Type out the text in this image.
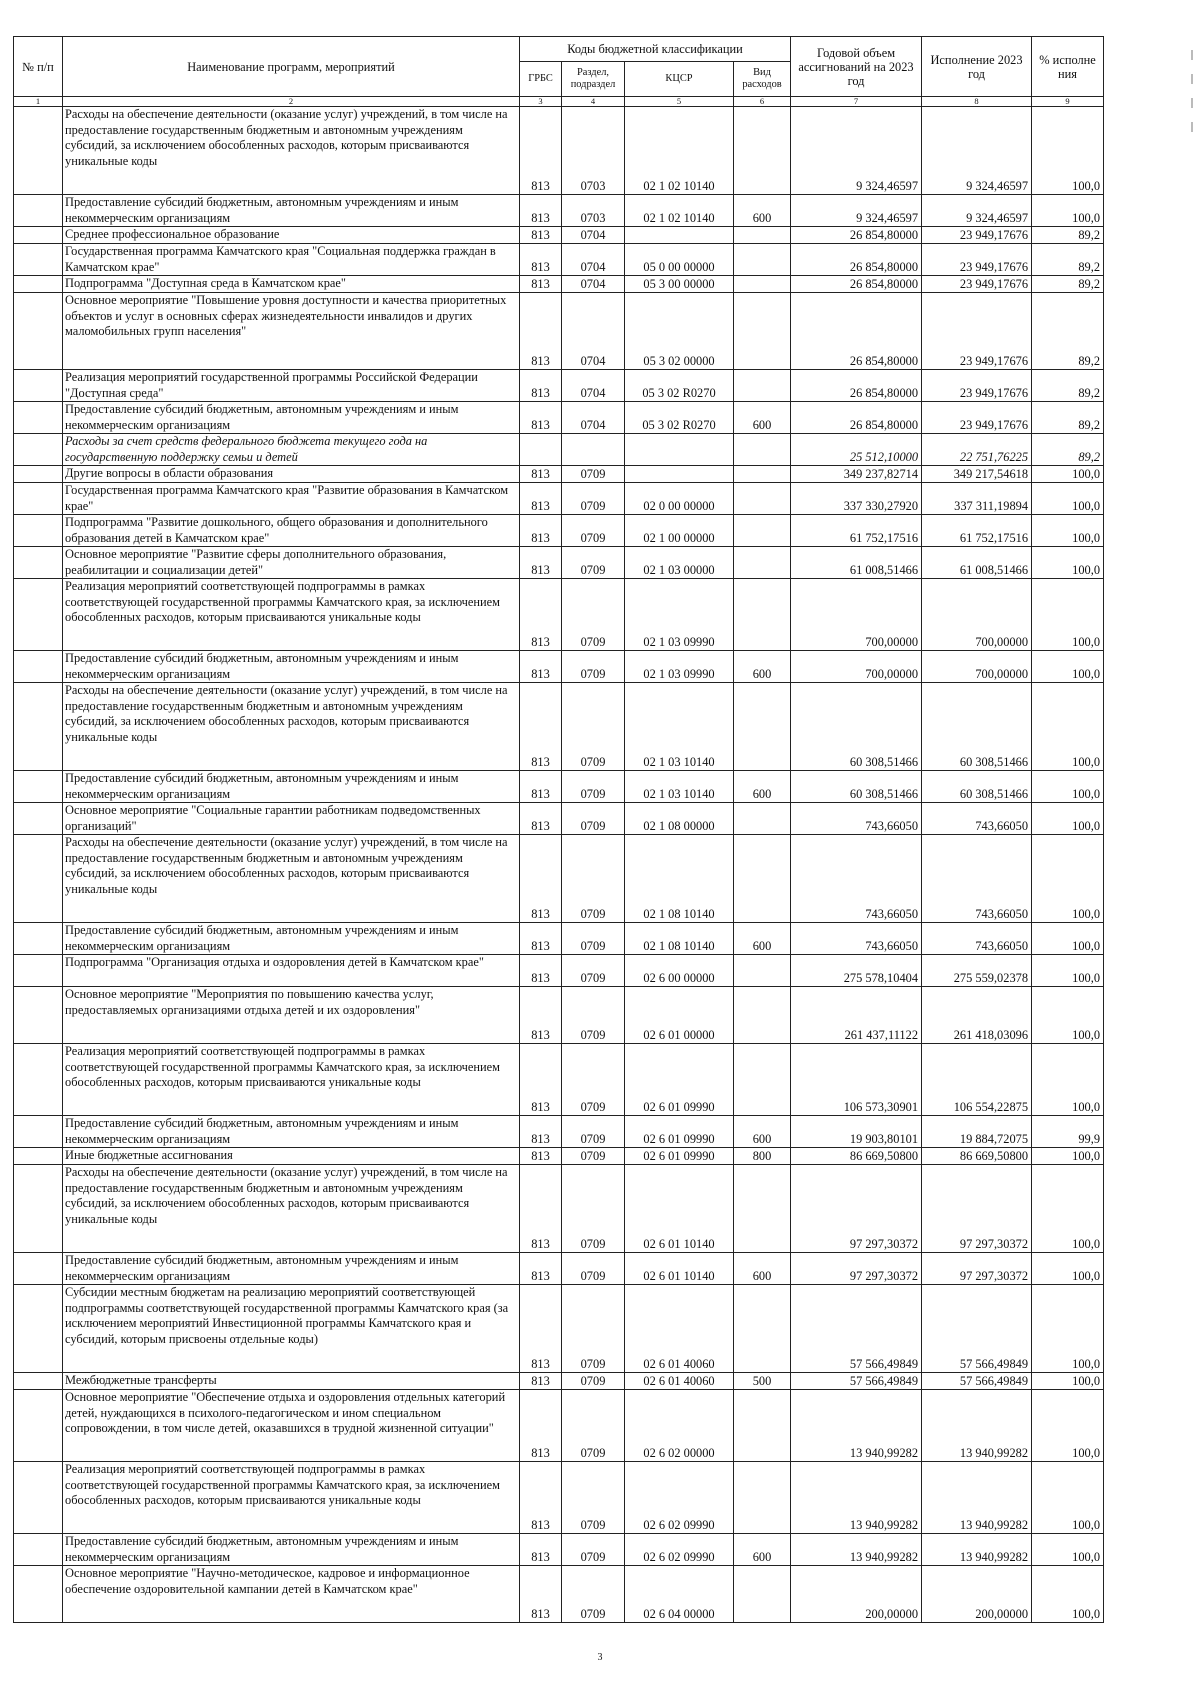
№ п/п	Наименование программ, мероприятий	Коды бюджетной классификации				Годовой объем ассигнований на 2023 год	Исполнение 2023 год	% исполне ния
		ГРБС	Раздел, подраздел	КЦСР	Вид расходов			
1	2	3	4	5	6	7	8	9
	Расходы на обеспечение деятельности (оказание услуг) учреждений, в том числе на предоставление государственным бюджетным и автономным учреждениям субсидий, за исключением обособленных расходов, которым присваиваются уникальные коды	813	0703	02 1 02 10140		9 324,46597	9 324,46597	100,0
	Предоставление субсидий бюджетным, автономным учреждениям и иным некоммерческим организациям	813	0703	02 1 02 10140	600	9 324,46597	9 324,46597	100,0
	Среднее профессиональное образование	813	0704			26 854,80000	23 949,17676	89,2
	Государственная программа Камчатского края "Социальная поддержка граждан в Камчатском крае"	813	0704	05 0 00 00000		26 854,80000	23 949,17676	89,2
	Подпрограмма "Доступная среда в Камчатском крае"	813	0704	05 3 00 00000		26 854,80000	23 949,17676	89,2
	Основное мероприятие "Повышение уровня доступности и качества приоритетных объектов и услуг в основных сферах жизнедеятельности инвалидов и других маломобильных групп населения"	813	0704	05 3 02 00000		26 854,80000	23 949,17676	89,2
	Реализация мероприятий государственной программы Российской Федерации "Доступная среда"	813	0704	05 3 02 R0270		26 854,80000	23 949,17676	89,2
	Предоставление субсидий бюджетным, автономным учреждениям и иным некоммерческим организациям	813	0704	05 3 02 R0270	600	26 854,80000	23 949,17676	89,2
	Расходы за счет средств федерального бюджета текущего года на государственную поддержку семьи и детей					25 512,10000	22 751,76225	89,2
	Другие вопросы в области образования	813	0709			349 237,82714	349 217,54618	100,0
	Государственная программа Камчатского края "Развитие образования в Камчатском крае"	813	0709	02 0 00 00000		337 330,27920	337 311,19894	100,0
	Подпрограмма "Развитие дошкольного, общего образования и дополнительного образования детей в Камчатском крае"	813	0709	02 1 00 00000		61 752,17516	61 752,17516	100,0
	Основное мероприятие "Развитие сферы дополнительного образования, реабилитации и социализации детей"	813	0709	02 1 03 00000		61 008,51466	61 008,51466	100,0
	Реализация мероприятий соответствующей подпрограммы в рамках соответствующей государственной программы Камчатского края, за исключением обособленных расходов, которым присваиваются уникальные коды	813	0709	02 1 03 09990		700,00000	700,00000	100,0
	Предоставление субсидий бюджетным, автономным учреждениям и иным некоммерческим организациям	813	0709	02 1 03 09990	600	700,00000	700,00000	100,0
	Расходы на обеспечение деятельности (оказание услуг) учреждений, в том числе на предоставление государственным бюджетным и автономным учреждениям субсидий, за исключением обособленных расходов, которым присваиваются уникальные коды	813	0709	02 1 03 10140		60 308,51466	60 308,51466	100,0
	Предоставление субсидий бюджетным, автономным учреждениям и иным некоммерческим организациям	813	0709	02 1 03 10140	600	60 308,51466	60 308,51466	100,0
	Основное мероприятие "Социальные гарантии работникам подведомственных организаций"	813	0709	02 1 08 00000		743,66050	743,66050	100,0
	Расходы на обеспечение деятельности (оказание услуг) учреждений, в том числе на предоставление государственным бюджетным и автономным учреждениям субсидий, за исключением обособленных расходов, которым присваиваются уникальные коды	813	0709	02 1 08 10140		743,66050	743,66050	100,0
	Предоставление субсидий бюджетным, автономным учреждениям и иным некоммерческим организациям	813	0709	02 1 08 10140	600	743,66050	743,66050	100,0
	Подпрограмма "Организация отдыха и оздоровления детей в Камчатском крае"	813	0709	02 6 00 00000		275 578,10404	275 559,02378	100,0
	Основное мероприятие "Мероприятия по повышению качества услуг, предоставляемых организациями отдыха детей и их оздоровления"	813	0709	02 6 01 00000		261 437,11122	261 418,03096	100,0
	Реализация мероприятий соответствующей подпрограммы в рамках соответствующей государственной программы Камчатского края, за исключением обособленных расходов, которым присваиваются уникальные коды	813	0709	02 6 01 09990		106 573,30901	106 554,22875	100,0
	Предоставление субсидий бюджетным, автономным учреждениям и иным некоммерческим организациям	813	0709	02 6 01 09990	600	19 903,80101	19 884,72075	99,9
	Иные бюджетные ассигнования	813	0709	02 6 01 09990	800	86 669,50800	86 669,50800	100,0
	Расходы на обеспечение деятельности (оказание услуг) учреждений, в том числе на предоставление государственным бюджетным и автономным учреждениям субсидий, за исключением обособленных расходов, которым присваиваются уникальные коды	813	0709	02 6 01 10140		97 297,30372	97 297,30372	100,0
	Предоставление субсидий бюджетным, автономным учреждениям и иным некоммерческим организациям	813	0709	02 6 01 10140	600	97 297,30372	97 297,30372	100,0
	Субсидии местным бюджетам на реализацию мероприятий соответствующей подпрограммы соответствующей государственной программы Камчатского края (за исключением мероприятий Инвестиционной программы Камчатского края и субсидий, которым присвоены отдельные коды)	813	0709	02 6 01 40060		57 566,49849	57 566,49849	100,0
	Межбюджетные трансферты	813	0709	02 6 01 40060	500	57 566,49849	57 566,49849	100,0
	Основное мероприятие "Обеспечение отдыха и оздоровления отдельных категорий детей, нуждающихся в психолого-педагогическом и ином специальном сопровождении, в том числе детей, оказавшихся в трудной жизненной ситуации"	813	0709	02 6 02 00000		13 940,99282	13 940,99282	100,0
	Реализация мероприятий соответствующей подпрограммы в рамках соответствующей государственной программы Камчатского края, за исключением обособленных расходов, которым присваиваются уникальные коды	813	0709	02 6 02 09990		13 940,99282	13 940,99282	100,0
	Предоставление субсидий бюджетным, автономным учреждениям и иным некоммерческим организациям	813	0709	02 6 02 09990	600	13 940,99282	13 940,99282	100,0
	Основное мероприятие "Научно-методическое, кадровое и информационное обеспечение оздоровительной кампании детей в Камчатском крае"	813	0709	02 6 04 00000		200,00000	200,00000	100,0
3
